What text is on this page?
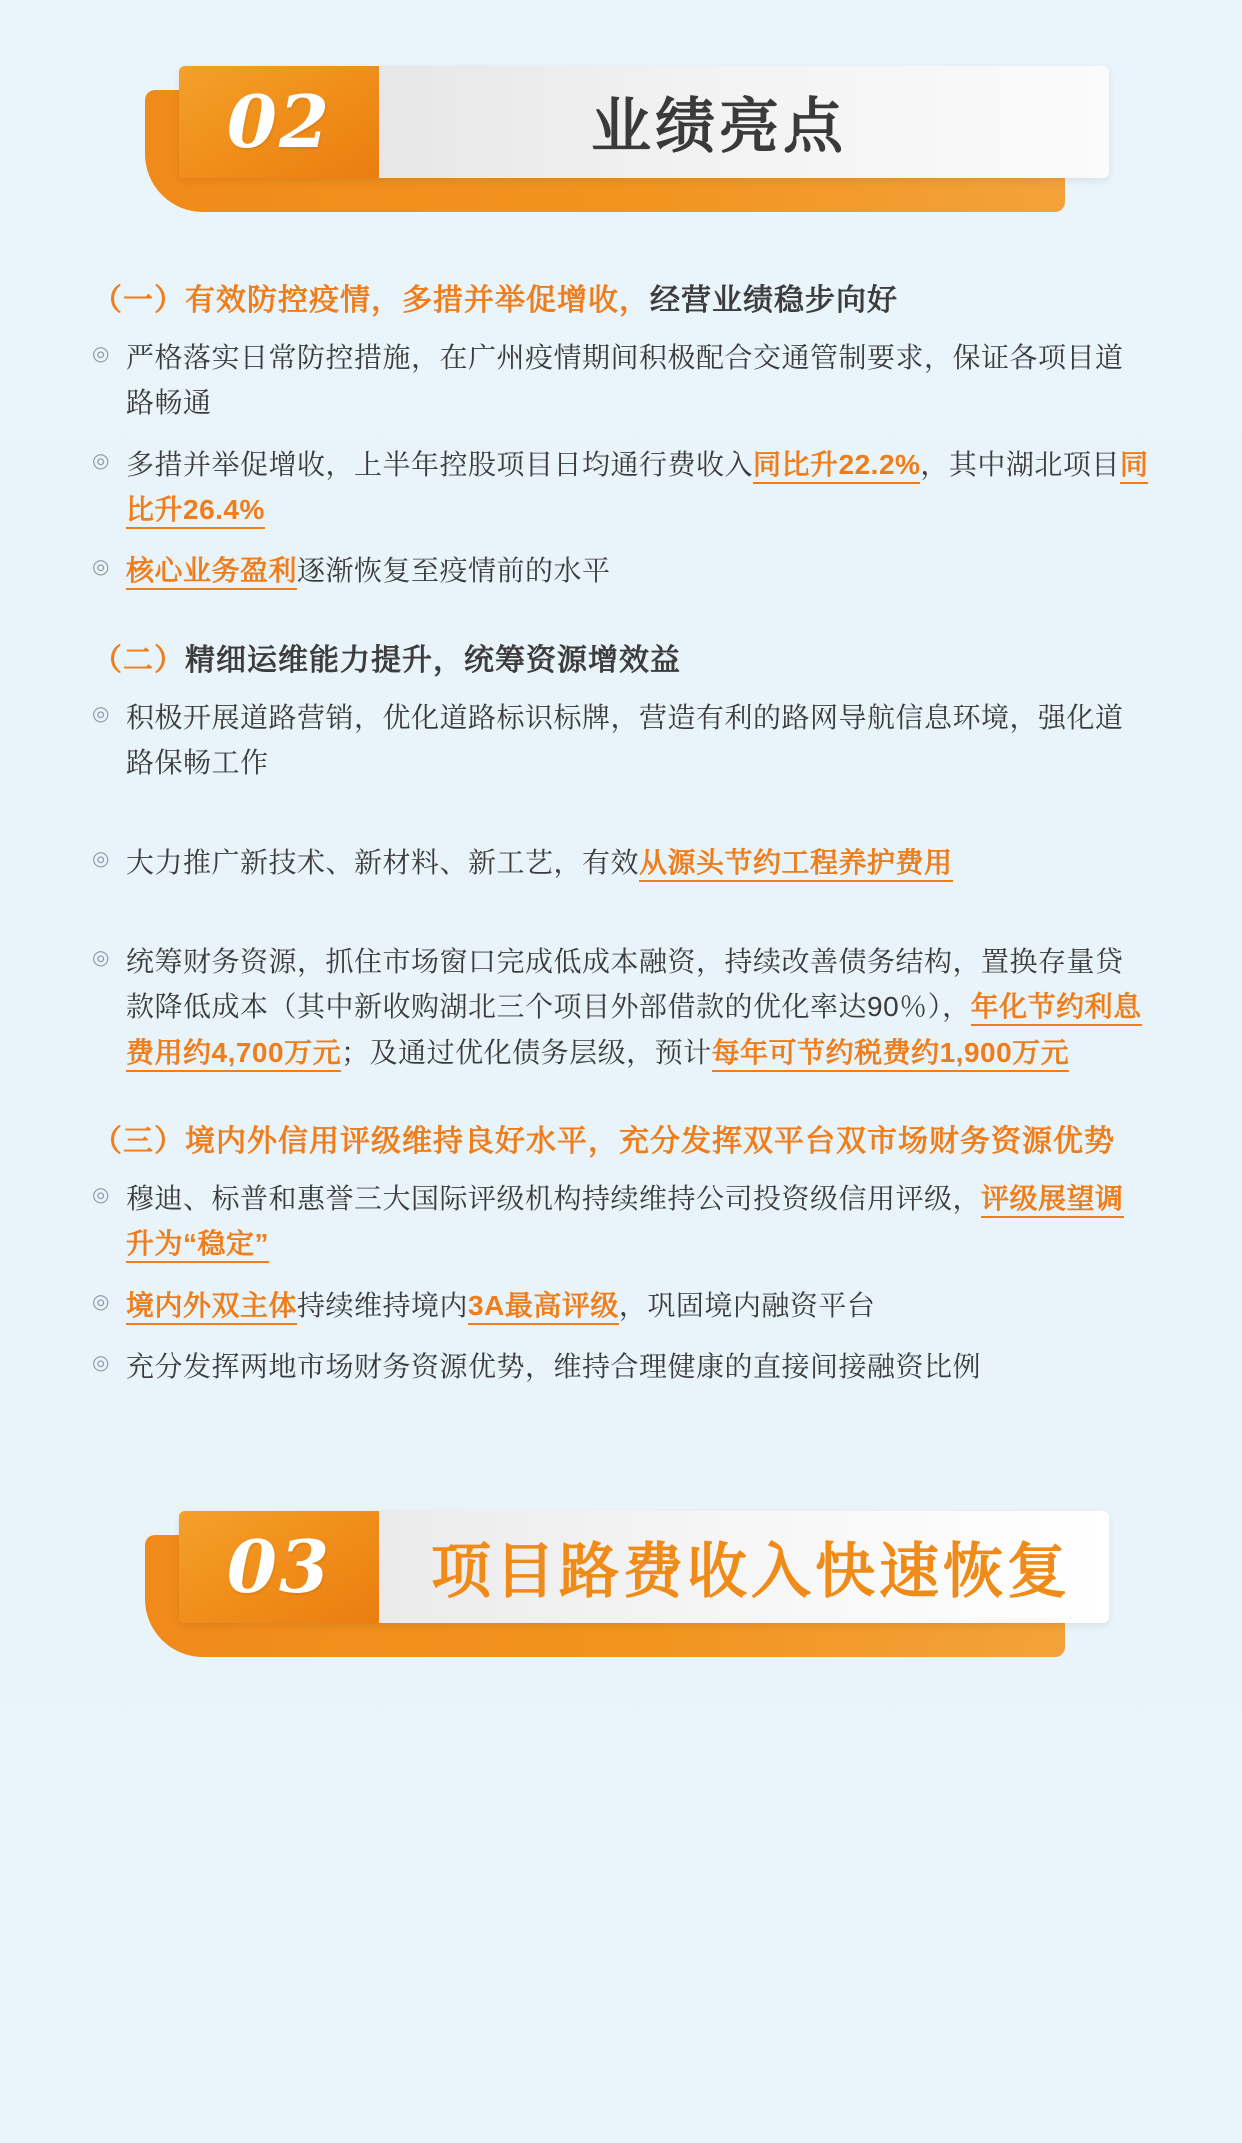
02	业绩亮点
（一）有效防控疫情，多措并举促增收，经营业绩稳步向好
◎ 严格落实日常防控措施，在广州疫情期间积极配合交通管制要求，保证各项目道路畅通
◎ 多措并举促增收，上半年控股项目日均通行费收入同比升22.2%，其中湖北项目同比升26.4%
◎ 核心业务盈利逐渐恢复至疫情前的水平
（二）精细运维能力提升，统筹资源增效益
◎ 积极开展道路营销，优化道路标识标牌，营造有利的路网导航信息环境，强化道路保畅工作
◎ 大力推广新技术、新材料、新工艺，有效从源头节约工程养护费用
◎ 统筹财务资源，抓住市场窗口完成低成本融资，持续改善债务结构，置换存量贷款降低成本（其中新收购湖北三个项目外部借款的优化率达90％），年化节约利息费用约4,700万元；及通过优化债务层级，预计每年可节约税费约1,900万元
（三）境内外信用评级维持良好水平，充分发挥双平台双市场财务资源优势
◎ 穆迪、标普和惠誉三大国际评级机构持续维持公司投资级信用评级，评级展望调升为“稳定”
◎ 境内外双主体持续维持境内3A最高评级，巩固境内融资平台
◎ 充分发挥两地市场财务资源优势，维持合理健康的直接间接融资比例
03	项目路费收入快速恢复
